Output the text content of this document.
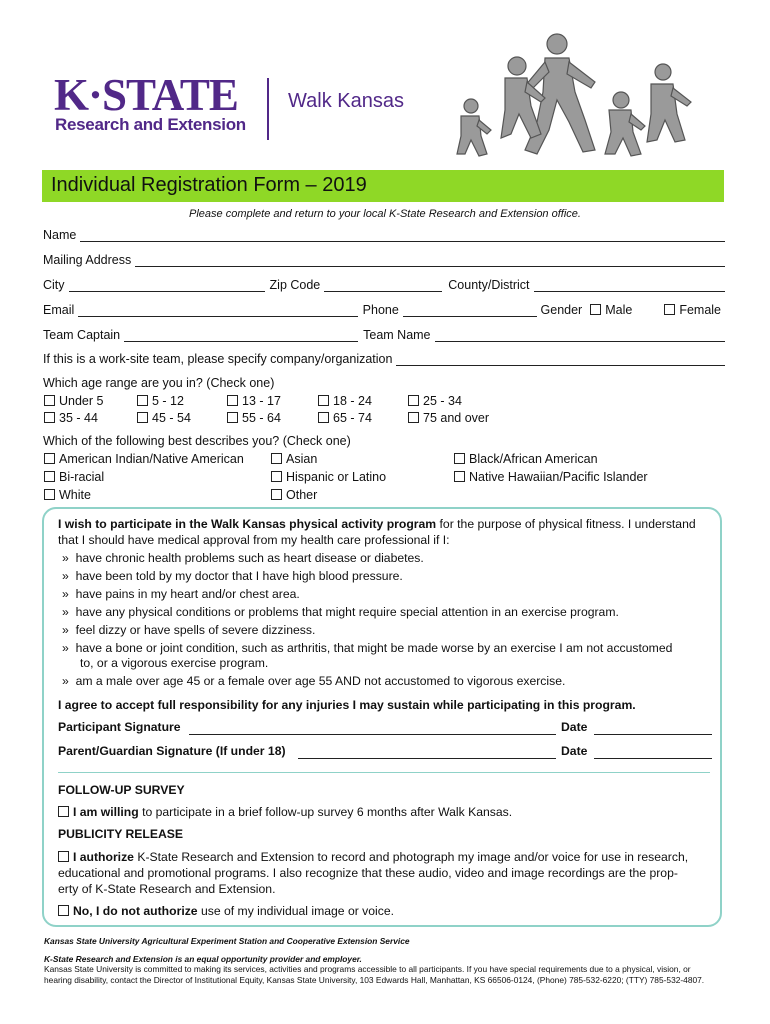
K·STATE
Research and Extension
Walk Kansas
Individual Registration Form – 2019
Please complete and return to your local K-State Research and Extension office.
Name
Mailing Address
City	Zip Code	County/District
Email	Phone	Gender	Male	Female
Team Captain	Team Name
If this is a work-site team, please specify company/organization
Which age range are you in? (Check one)
Under 5	5 - 12	13 - 17	18 - 24	25 - 34
35 - 44	45 - 54	55 - 64	65 - 74	75 and over
Which of the following best describes you? (Check one)
American Indian/Native American	Asian	Black/African American
Bi-racial	Hispanic or Latino	Native Hawaiian/Pacific Islander
White	Other
I wish to participate in the Walk Kansas physical activity program for the purpose of physical fitness. I understand
that I should have medical approval from my health care professional if I:
» have chronic health problems such as heart disease or diabetes.
» have been told by my doctor that I have high blood pressure.
» have pains in my heart and/or chest area.
» have any physical conditions or problems that might require special attention in an exercise program.
» feel dizzy or have spells of severe dizziness.
» have a bone or joint condition, such as arthritis, that might be made worse by an exercise I am not accustomed
to, or a vigorous exercise program.
» am a male over age 45 or a female over age 55 AND not accustomed to vigorous exercise.
I agree to accept full responsibility for any injuries I may sustain while participating in this program.
Participant Signature	Date
Parent/Guardian Signature (If under 18)	Date
FOLLOW-UP SURVEY
I am willing to participate in a brief follow-up survey 6 months after Walk Kansas.
PUBLICITY RELEASE
I authorize K-State Research and Extension to record and photograph my image and/or voice for use in research,
educational and promotional programs. I also recognize that these audio, video and image recordings are the prop-
erty of K-State Research and Extension.
No, I do not authorize use of my individual image or voice.
Kansas State University Agricultural Experiment Station and Cooperative Extension Service
K-State Research and Extension is an equal opportunity provider and employer.
Kansas State University is committed to making its services, activities and programs accessible to all participants. If you have special requirements due to a physical, vision, or
hearing disability, contact the Director of Institutional Equity, Kansas State University, 103 Edwards Hall, Manhattan, KS 66506-0124, (Phone) 785-532-6220; (TTY) 785-532-4807.
